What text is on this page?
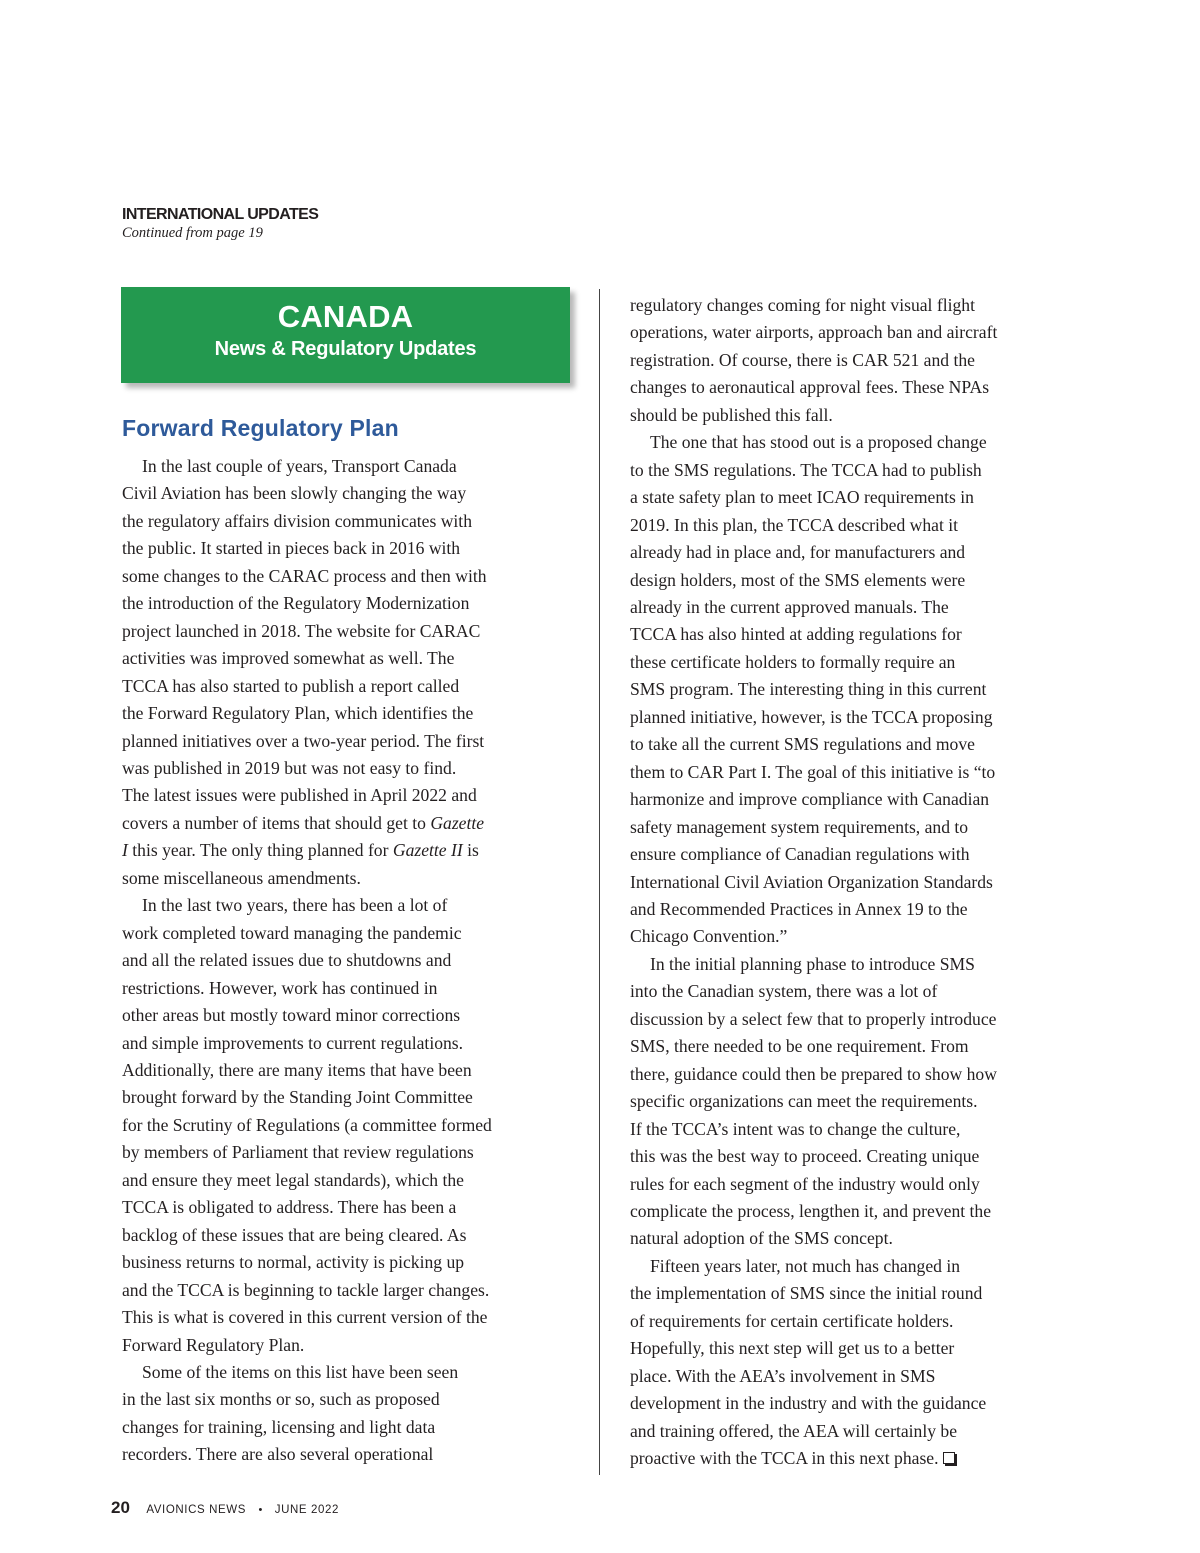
INTERNATIONAL UPDATES
Continued from page 19
CANADA
News & Regulatory Updates
Forward Regulatory Plan

In the last couple of years, Transport Canada
Civil Aviation has been slowly changing the way
the regulatory affairs division communicates with
the public. It started in pieces back in 2016 with
some changes to the CARAC process and then with
the introduction of the Regulatory Modernization
project launched in 2018. The website for CARAC
activities was improved somewhat as well. The
TCCA has also started to publish a report called
the Forward Regulatory Plan, which identifies the
planned initiatives over a two-year period. The first
was published in 2019 but was not easy to find.
The latest issues were published in April 2022 and
covers a number of items that should get to Gazette
I this year. The only thing planned for Gazette II is
some miscellaneous amendments.

In the last two years, there has been a lot of
work completed toward managing the pandemic
and all the related issues due to shutdowns and
restrictions. However, work has continued in
other areas but mostly toward minor corrections
and simple improvements to current regulations.
Additionally, there are many items that have been
brought forward by the Standing Joint Committee
for the Scrutiny of Regulations (a committee formed
by members of Parliament that review regulations
and ensure they meet legal standards), which the
TCCA is obligated to address. There has been a
backlog of these issues that are being cleared. As
business returns to normal, activity is picking up
and the TCCA is beginning to tackle larger changes.
This is what is covered in this current version of the
Forward Regulatory Plan.

Some of the items on this list have been seen
in the last six months or so, such as proposed
changes for training, licensing and light data
recorders. There are also several operational

regulatory changes coming for night visual flight
operations, water airports, approach ban and aircraft
registration. Of course, there is CAR 521 and the
changes to aeronautical approval fees. These NPAs
should be published this fall.

The one that has stood out is a proposed change
to the SMS regulations. The TCCA had to publish
a state safety plan to meet ICAO requirements in
2019. In this plan, the TCCA described what it
already had in place and, for manufacturers and
design holders, most of the SMS elements were
already in the current approved manuals. The
TCCA has also hinted at adding regulations for
these certificate holders to formally require an
SMS program. The interesting thing in this current
planned initiative, however, is the TCCA proposing
to take all the current SMS regulations and move
them to CAR Part I. The goal of this initiative is “to
harmonize and improve compliance with Canadian
safety management system requirements, and to
ensure compliance of Canadian regulations with
International Civil Aviation Organization Standards
and Recommended Practices in Annex 19 to the
Chicago Convention.”

In the initial planning phase to introduce SMS
into the Canadian system, there was a lot of
discussion by a select few that to properly introduce
SMS, there needed to be one requirement. From
there, guidance could then be prepared to show how
specific organizations can meet the requirements.
If the TCCA’s intent was to change the culture,
this was the best way to proceed. Creating unique
rules for each segment of the industry would only
complicate the process, lengthen it, and prevent the
natural adoption of the SMS concept.

Fifteen years later, not much has changed in
the implementation of SMS since the initial round
of requirements for certain certificate holders.
Hopefully, this next step will get us to a better
place. With the AEA’s involvement in SMS
development in the industry and with the guidance
and training offered, the AEA will certainly be
proactive with the TCCA in this next phase.

20 AVIONICS NEWS • JUNE 2022
